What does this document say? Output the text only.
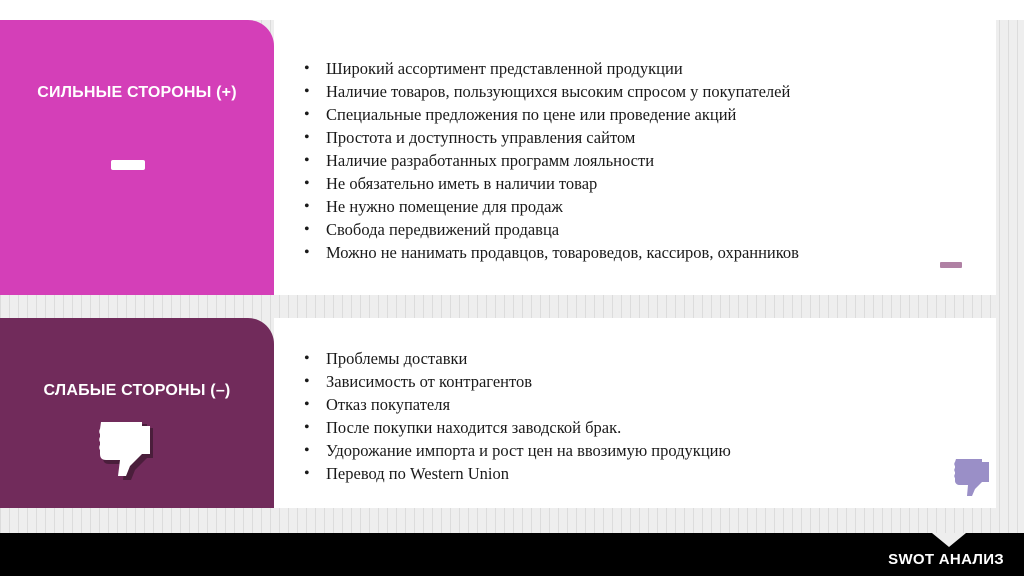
СИЛЬНЫЕ СТОРОНЫ (+)
• Широкий ассортимент представленной продукции
• Наличие товаров, пользующихся высоким спросом у покупателей
• Специальные предложения по цене или проведение акций
• Простота и доступность управления сайтом
• Наличие разработанных программ лояльности
• Не обязательно иметь в наличии товар
• Не нужно помещение для продаж
• Свобода передвижений продавца
• Можно не нанимать продавцов, товароведов, кассиров, охранников
СЛАБЫЕ СТОРОНЫ (–)
• Проблемы доставки
• Зависимость от контрагентов
• Отказ покупателя
• После покупки находится заводской брак.
• Удорожание импорта и рост цен на ввозимую продукцию
• Перевод по Western Union
SWOT АНАЛИЗ
